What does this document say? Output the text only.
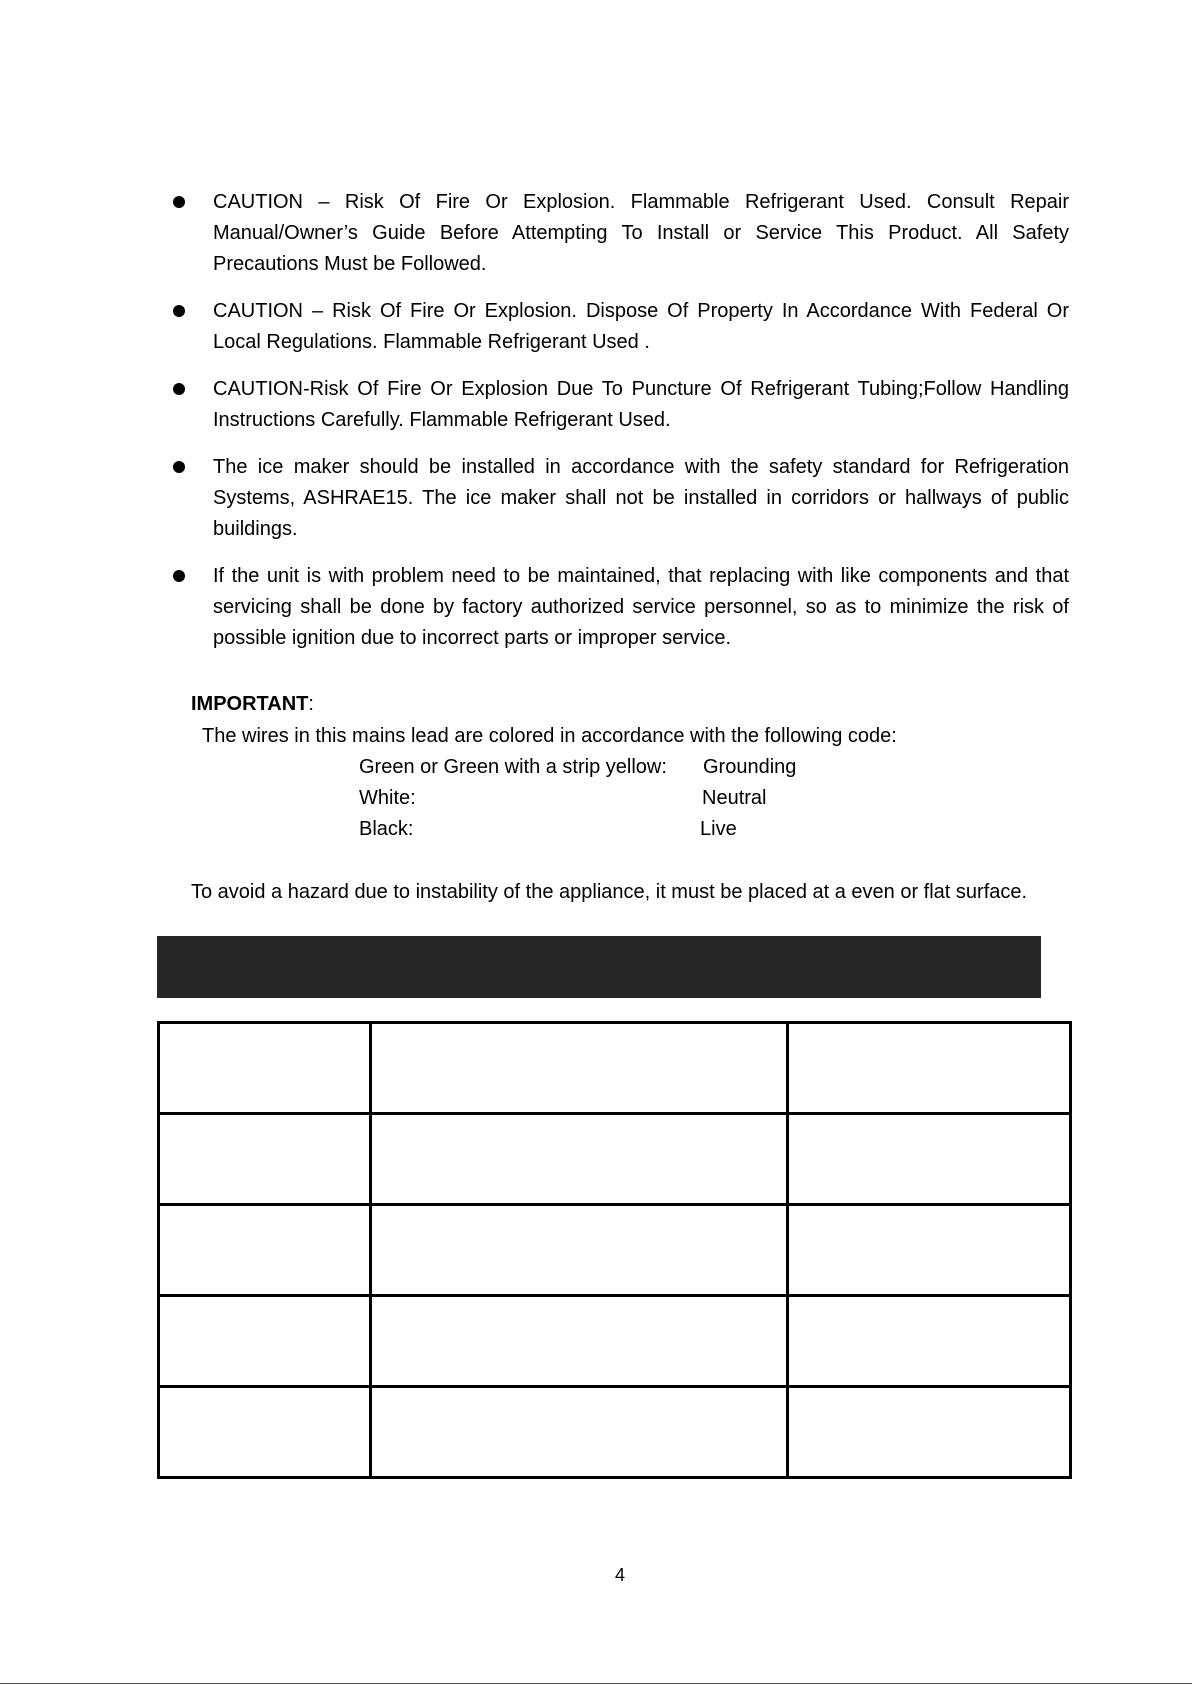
CAUTION – Risk Of Fire Or Explosion. Flammable Refrigerant Used. Consult Repair Manual/Owner’s Guide Before Attempting To Install or Service This Product. All Safety Precautions Must be Followed.
CAUTION – Risk Of Fire Or Explosion. Dispose Of Property In Accordance With Federal Or Local Regulations. Flammable Refrigerant Used .
CAUTION-Risk Of Fire Or Explosion Due To Puncture Of Refrigerant Tubing;Follow Handling Instructions Carefully. Flammable Refrigerant Used.
The ice maker should be installed in accordance with the safety standard for Refrigeration Systems, ASHRAE15. The ice maker shall not be installed in corridors or hallways of public buildings.
If the unit is with problem need to be maintained, that replacing with like components and that servicing shall be done by factory authorized service personnel, so as to minimize the risk of possible ignition due to incorrect parts or improper service.
IMPORTANT:
The wires in this mains lead are colored in accordance with the following code:
Green or Green with a strip yellow: Grounding
White:	Neutral
Black:	Live
To avoid a hazard due to instability of the appliance, it must be placed at a even or flat surface.

4
